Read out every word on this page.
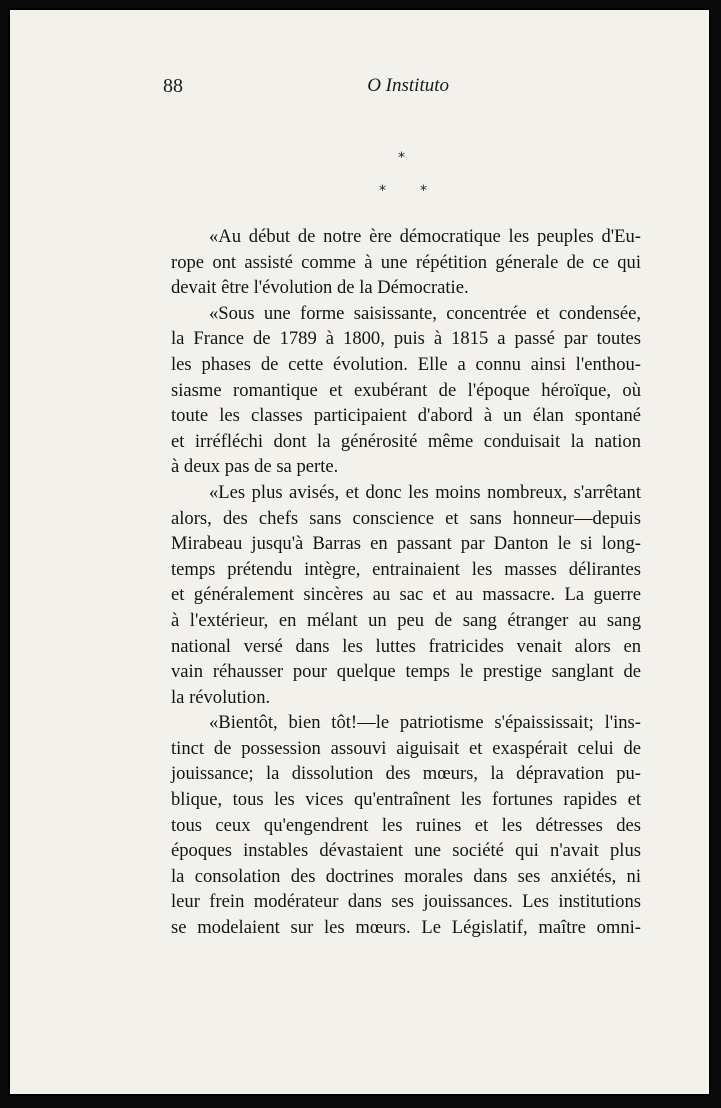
88	O Instituto
*
* *
«Au début de notre ère démocratique les peuples d'Eu-
rope ont assisté comme à une répétition génerale de ce qui
devait être l'évolution de la Démocratie.
«Sous une forme saisissante, concentrée et condensée,
la France de 1789 à 1800, puis à 1815 a passé par toutes
les phases de cette évolution. Elle a connu ainsi l'enthou-
siasme romantique et exubérant de l'époque héroïque, où
toute les classes participaient d'abord à un élan spontané
et irréfléchi dont la générosité même conduisait la nation
à deux pas de sa perte.
«Les plus avisés, et donc les moins nombreux, s'arrêtant
alors, des chefs sans conscience et sans honneur—depuis
Mirabeau jusqu'à Barras en passant par Danton le si long-
temps prétendu intègre, entrainaient les masses délirantes
et généralement sincères au sac et au massacre. La guerre
à l'extérieur, en mélant un peu de sang étranger au sang
national versé dans les luttes fratricides venait alors en
vain réhausser pour quelque temps le prestige sanglant de
la révolution.
«Bientôt, bien tôt!—le patriotisme s'épaississait; l'ins-
tinct de possession assouvi aiguisait et exaspérait celui de
jouissance; la dissolution des mœurs, la dépravation pu-
blique, tous les vices qu'entraînent les fortunes rapides et
tous ceux qu'engendrent les ruines et les détresses des
époques instables dévastaient une société qui n'avait plus
la consolation des doctrines morales dans ses anxiétés, ni
leur frein modérateur dans ses jouissances. Les institutions
se modelaient sur les mœurs. Le Législatif, maître omni-
